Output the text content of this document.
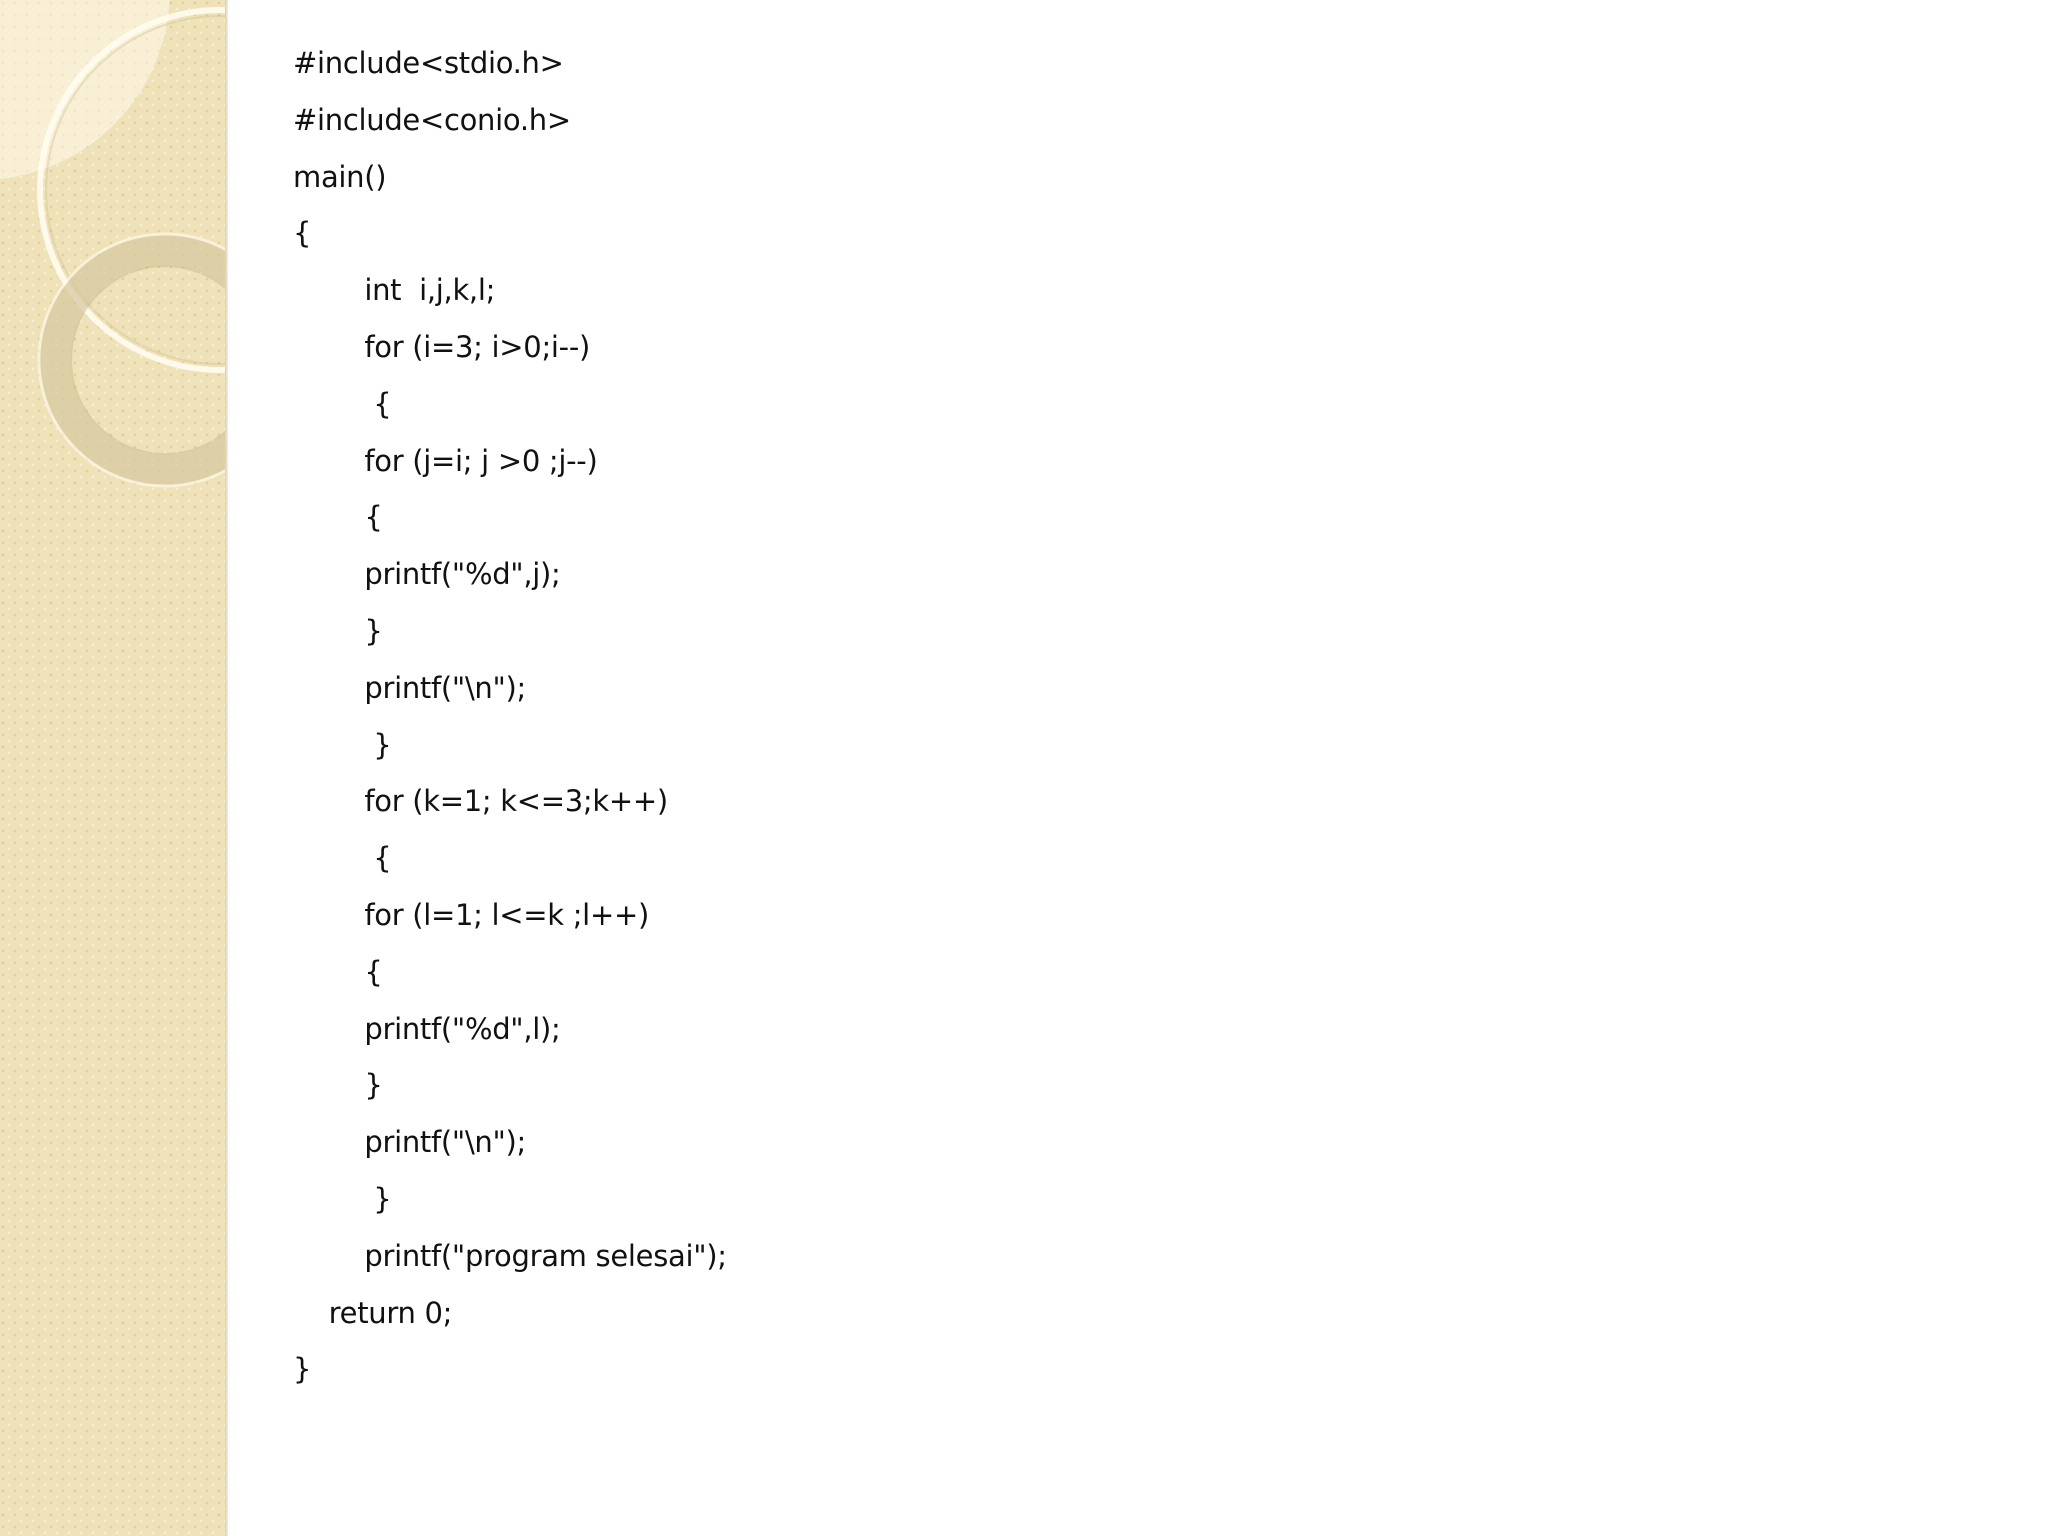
#include<stdio.h>
#include<conio.h>
main()
{
int  i,j,k,l;
for (i=3; i>0;i--)
{
for (j=i; j >0 ;j--)
{
printf("%d",j);
}
printf("\n");
}
for (k=1; k<=3;k++)
{
for (l=1; l<=k ;l++)
{
printf("%d",l);
}
printf("\n");
}
printf("program selesai");
return 0;
}
